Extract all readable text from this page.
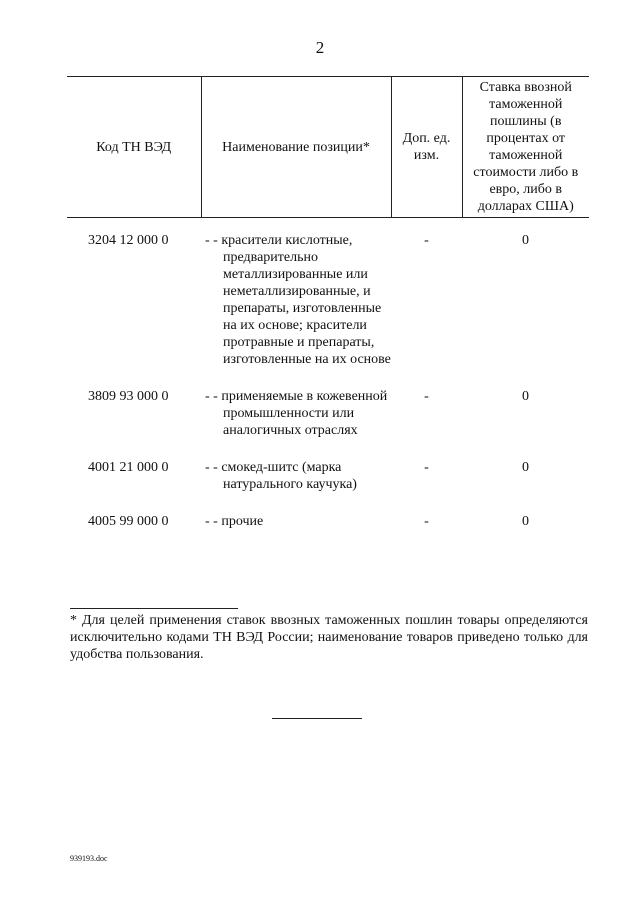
2
Код ТН ВЭД	Наименование позиции*	Доп. ед. изм.	Ставка ввозной таможенной пошлины (в процентах от таможенной стоимости либо в евро, либо в долларах США)
3204 12 000 0	- - красители кислотные, предварительно металлизированные или неметаллизированные, и препараты, изготовленные на их основе; красители протравные и препараты, изготовленные на их основе	-	0
3809 93 000 0	- - применяемые в кожевенной промышленности или аналогичных отраслях	-	0
4001 21 000 0	- - смокед-шитс (марка натурального каучука)	-	0
4005 99 000 0	- - прочие	-	0
* Для целей применения ставок ввозных таможенных пошлин товары определяются исключительно кодами ТН ВЭД России; наименование товаров приведено только для удобства пользования.
939193.doc
